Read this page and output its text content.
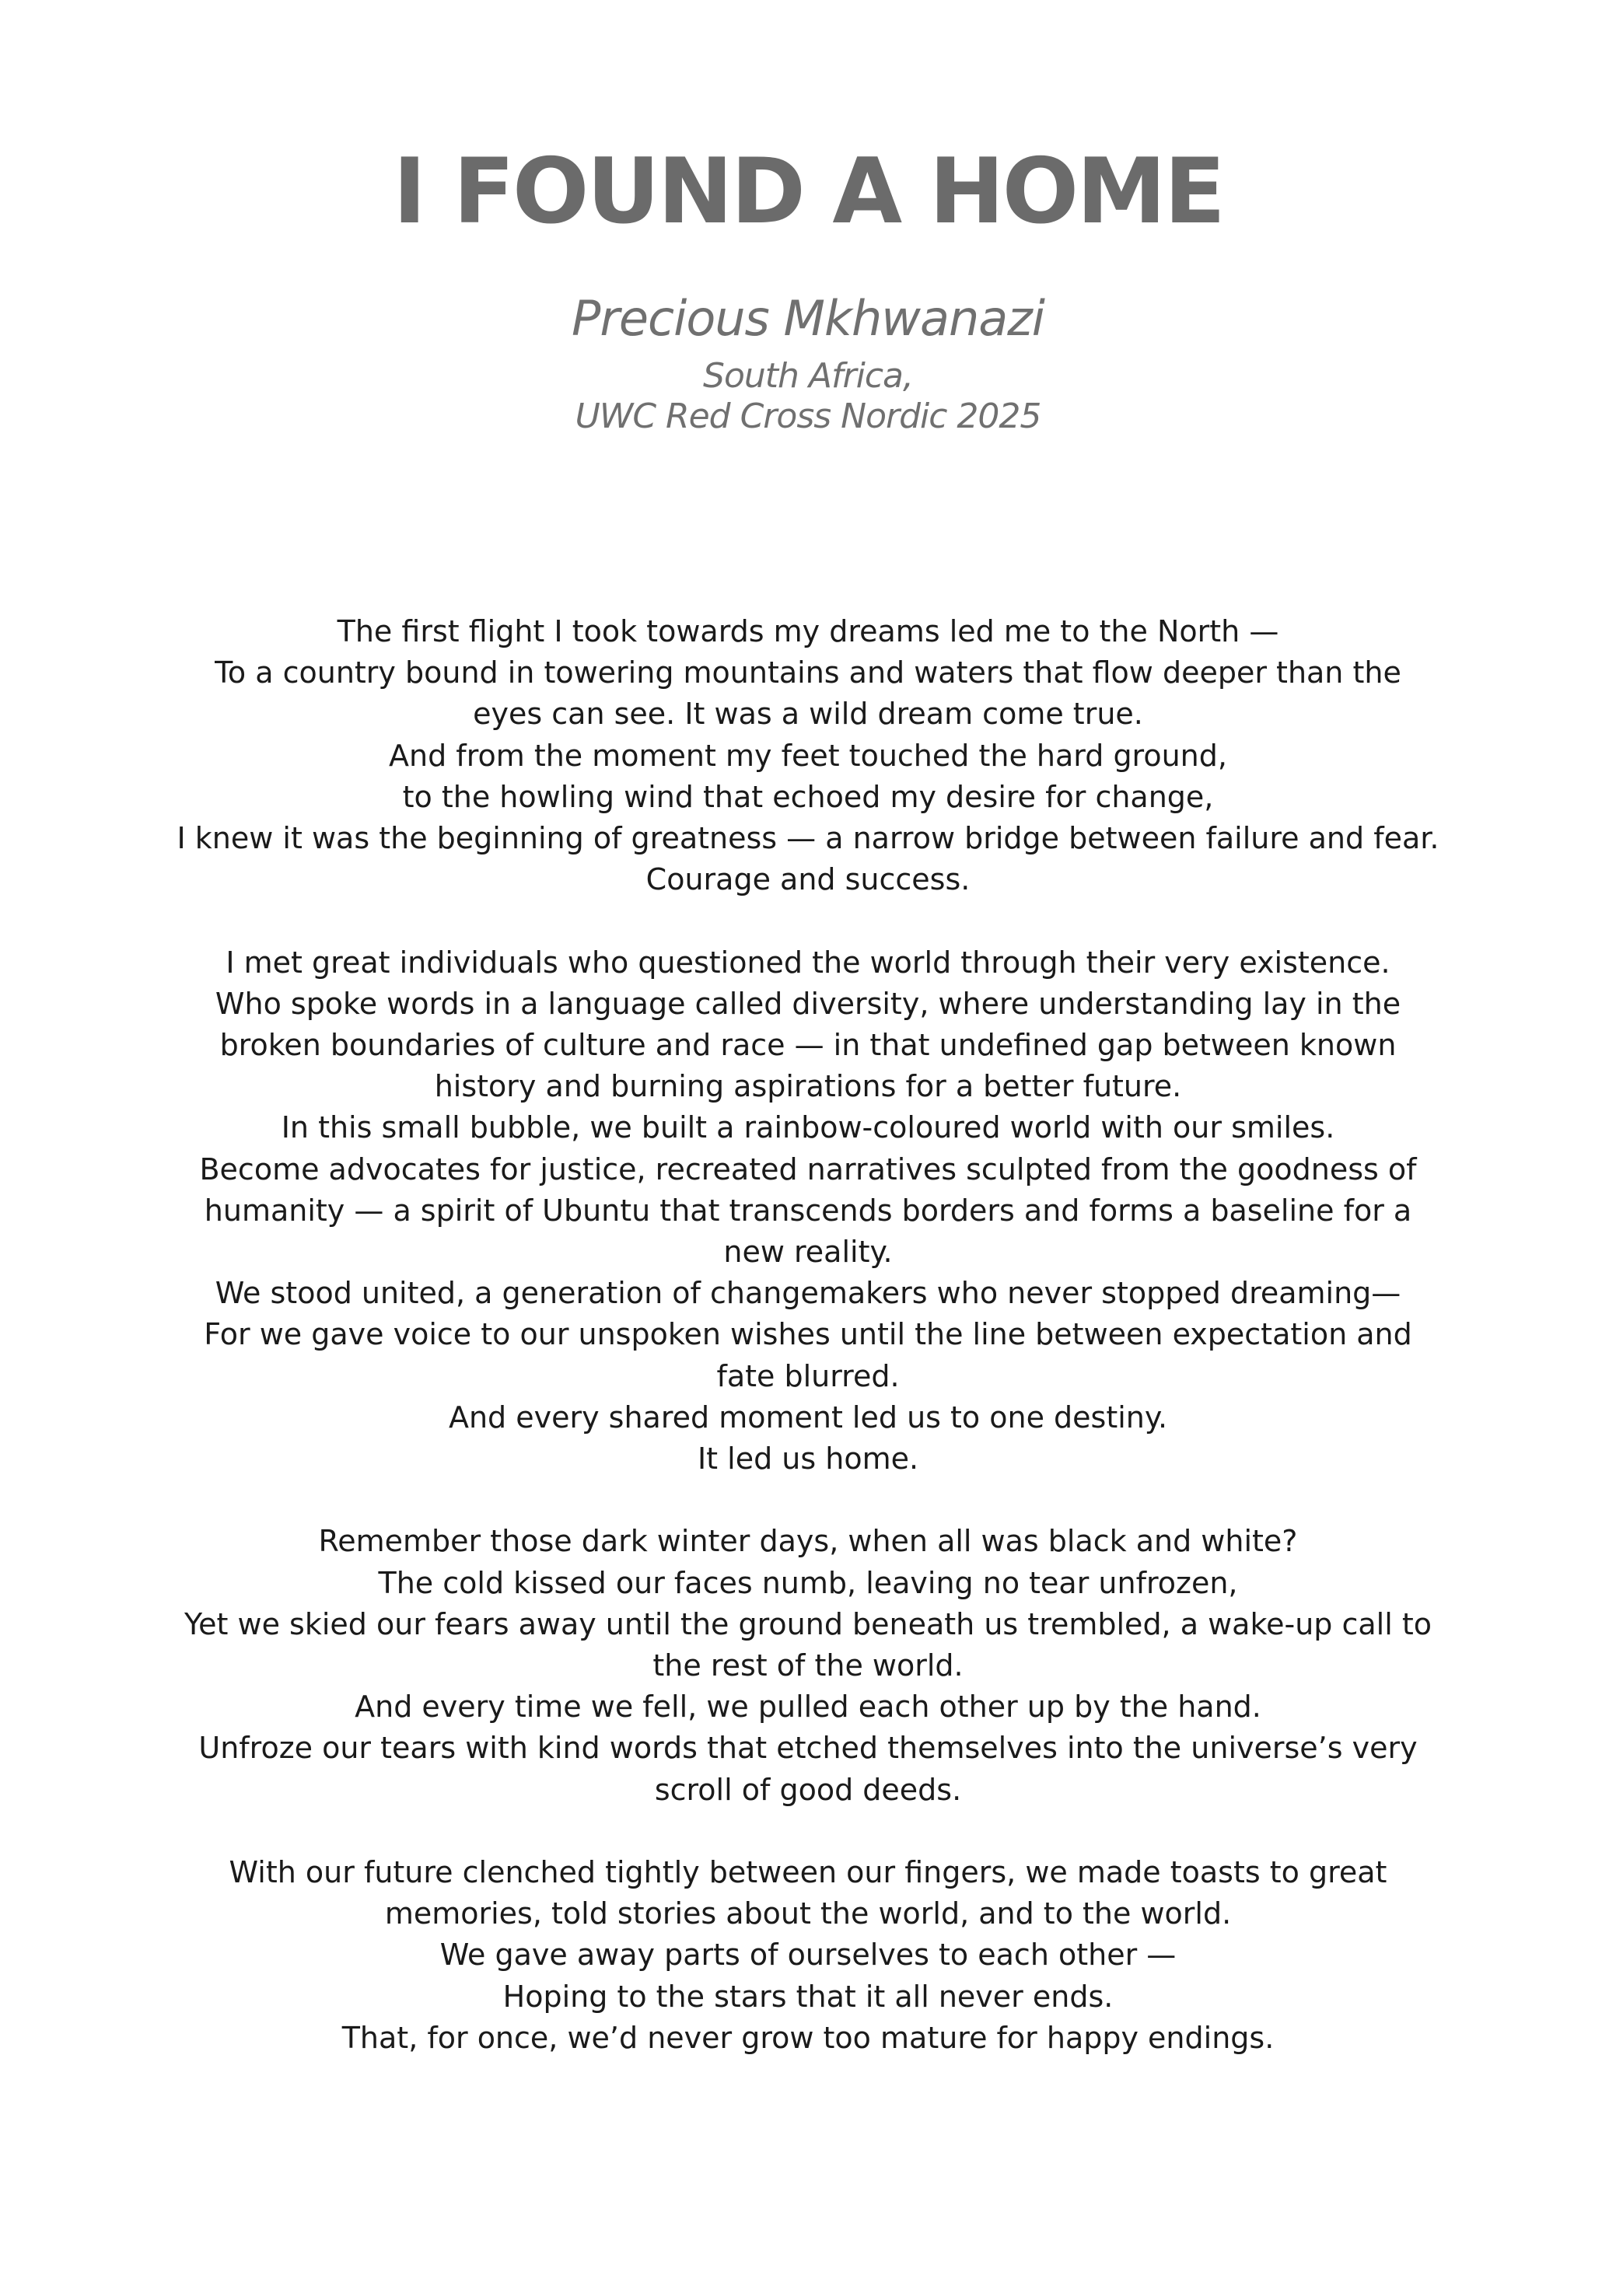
I FOUND A HOME
Precious Mkhwanazi
South Africa,
UWC Red Cross Nordic 2025
The first flight I took towards my dreams led me to the North —
To a country bound in towering mountains and waters that flow deeper than the
eyes can see. It was a wild dream come true.
And from the moment my feet touched the hard ground,
to the howling wind that echoed my desire for change,
I knew it was the beginning of greatness — a narrow bridge between failure and fear.
Courage and success.
I met great individuals who questioned the world through their very existence.
Who spoke words in a language called diversity, where understanding lay in the
broken boundaries of culture and race — in that undefined gap between known
history and burning aspirations for a better future.
In this small bubble, we built a rainbow-coloured world with our smiles.
Become advocates for justice, recreated narratives sculpted from the goodness of
humanity — a spirit of Ubuntu that transcends borders and forms a baseline for a
new reality.
We stood united, a generation of changemakers who never stopped dreaming—
For we gave voice to our unspoken wishes until the line between expectation and
fate blurred.
And every shared moment led us to one destiny.
It led us home.
Remember those dark winter days, when all was black and white?
The cold kissed our faces numb, leaving no tear unfrozen,
Yet we skied our fears away until the ground beneath us trembled, a wake-up call to
the rest of the world.
And every time we fell, we pulled each other up by the hand.
Unfroze our tears with kind words that etched themselves into the universe’s very
scroll of good deeds.
With our future clenched tightly between our fingers, we made toasts to great
memories, told stories about the world, and to the world.
We gave away parts of ourselves to each other —
Hoping to the stars that it all never ends.
That, for once, we’d never grow too mature for happy endings.
